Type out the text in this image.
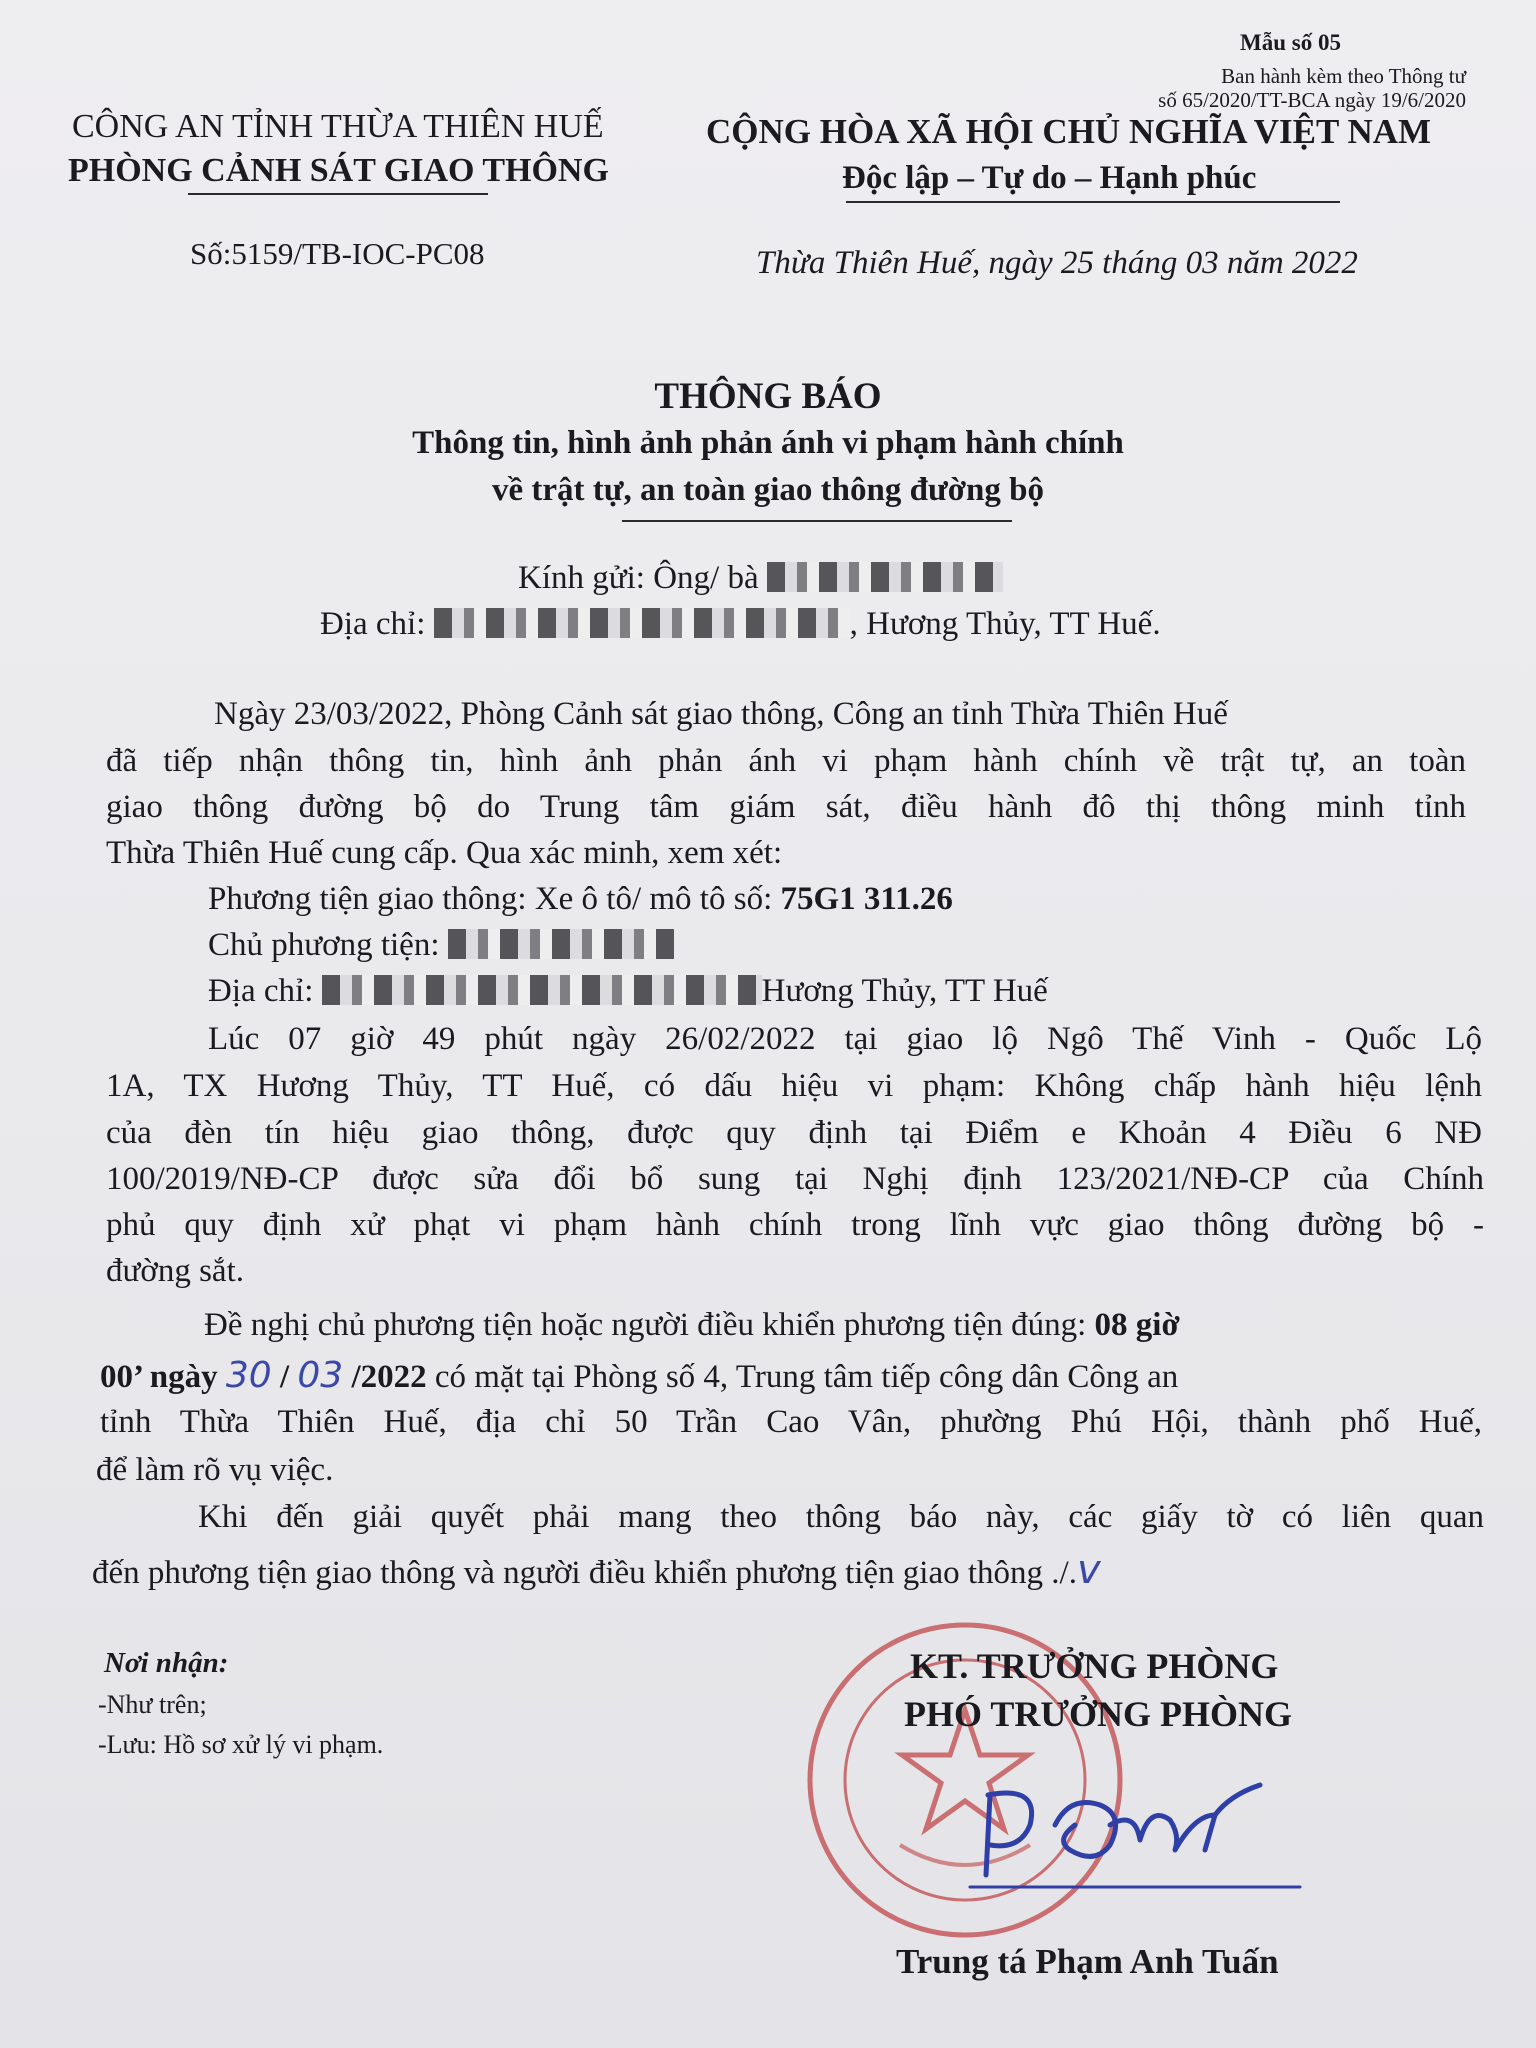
Mẫu số 05
Ban hành kèm theo Thông tư
số 65/2020/TT-BCA ngày 19/6/2020
CÔNG AN TỈNH THỪA THIÊN HUẾ
PHÒNG CẢNH SÁT GIAO THÔNG
CỘNG HÒA XÃ HỘI CHỦ NGHĨA VIỆT NAM
Độc lập – Tự do – Hạnh phúc
Số:5159/TB-IOC-PC08	Thừa Thiên Huế, ngày 25 tháng 03 năm 2022
THÔNG BÁO
Thông tin, hình ảnh phản ánh vi phạm hành chính
về trật tự, an toàn giao thông đường bộ
Kính gửi: Ông/ bà
Địa chỉ:	, Hương Thủy, TT Huế.
Ngày 23/03/2022, Phòng Cảnh sát giao thông, Công an tỉnh Thừa Thiên Huế
đã tiếp nhận thông tin, hình ảnh phản ánh vi phạm hành chính về trật tự, an toàn
giao thông đường bộ do Trung tâm giám sát, điều hành đô thị thông minh tỉnh
Thừa Thiên Huế cung cấp. Qua xác minh, xem xét:
Phương tiện giao thông: Xe ô tô/ mô tô số: 75G1 311.26
Chủ phương tiện:
Địa chỉ:	Hương Thủy, TT Huế
Lúc 07 giờ 49 phút ngày 26/02/2022 tại giao lộ Ngô Thế Vinh - Quốc Lộ
1A, TX Hương Thủy, TT Huế, có dấu hiệu vi phạm: Không chấp hành hiệu lệnh
của đèn tín hiệu giao thông, được quy định tại Điểm e Khoản 4 Điều 6 NĐ
100/2019/NĐ-CP được sửa đổi bổ sung tại Nghị định 123/2021/NĐ-CP của Chính
phủ quy định xử phạt vi phạm hành chính trong lĩnh vực giao thông đường bộ -
đường sắt.
Đề nghị chủ phương tiện hoặc người điều khiển phương tiện đúng: 08 giờ
00’ ngày 30 / 03 /2022 có mặt tại Phòng số 4, Trung tâm tiếp công dân Công an
tỉnh Thừa Thiên Huế, địa chỉ 50 Trần Cao Vân, phường Phú Hội, thành phố Huế,
để làm rõ vụ việc.
Khi đến giải quyết phải mang theo thông báo này, các giấy tờ có liên quan
đến phương tiện giao thông và người điều khiển phương tiện giao thông ./.v
Nơi nhận:
-Như trên;
-Lưu: Hồ sơ xử lý vi phạm.
KT. TRƯỞNG PHÒNG
PHÓ TRƯỞNG PHÒNG
Trung tá Phạm Anh Tuấn
